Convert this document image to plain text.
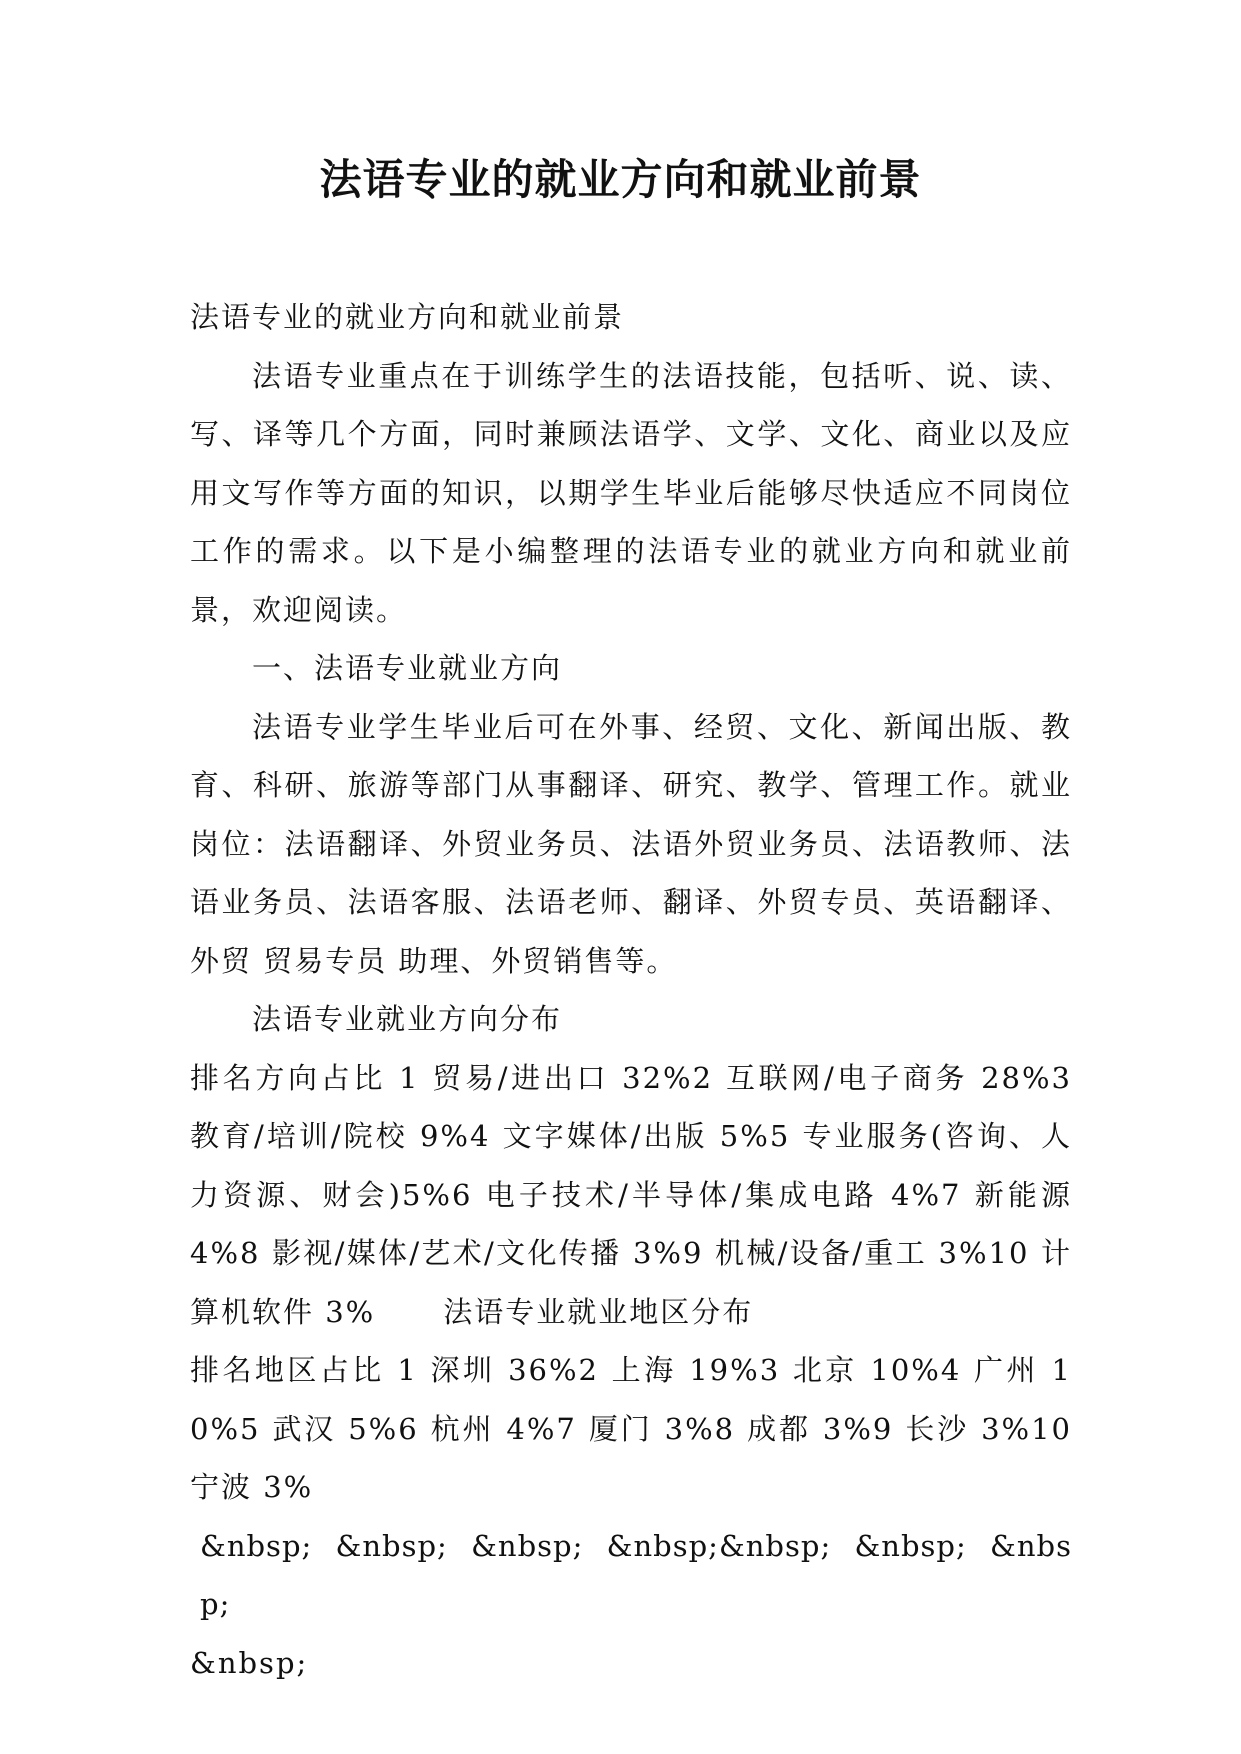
法语专业的就业方向和就业前景

法语专业的就业方向和就业前景

法语专业重点在于训练学生的法语技能，包括听、说、读、写、译等几个方面，同时兼顾法语学、文学、文化、商业以及应用文写作等方面的知识，以期学生毕业后能够尽快适应不同岗位工作的需求。以下是小编整理的法语专业的就业方向和就业前景，欢迎阅读。

一、法语专业就业方向

法语专业学生毕业后可在外事、经贸、文化、新闻出版、教育、科研、旅游等部门从事翻译、研究、教学、管理工作。就业岗位：法语翻译、外贸业务员、法语外贸业务员、法语教师、法语业务员、法语客服、法语老师、翻译、外贸专员、英语翻译、外贸 贸易专员 助理、外贸销售等。

法语专业就业方向分布

排名方向占比 1 贸易/进出口 32%2 互联网/电子商务 28%3 教育/培训/院校 9%4 文字媒体/出版 5%5 专业服务(咨询、人力资源、财会)5%6 电子技术/半导体/集成电路 4%7 新能源 4%8 影视/媒体/艺术/文化传播 3%9 机械/设备/重工 3%10 计算机软件 3% 法语专业就业地区分布

排名地区占比 1 深圳 36%2 上海 19%3 北京 10%4 广州 10%5 武汉 5%6 杭州 4%7 厦门 3%8 成都 3%9 长沙 3%10 宁波 3%

&nbsp; &nbsp; &nbsp; &nbsp;&nbsp; &nbsp; &nbsp;

&nbsp;
